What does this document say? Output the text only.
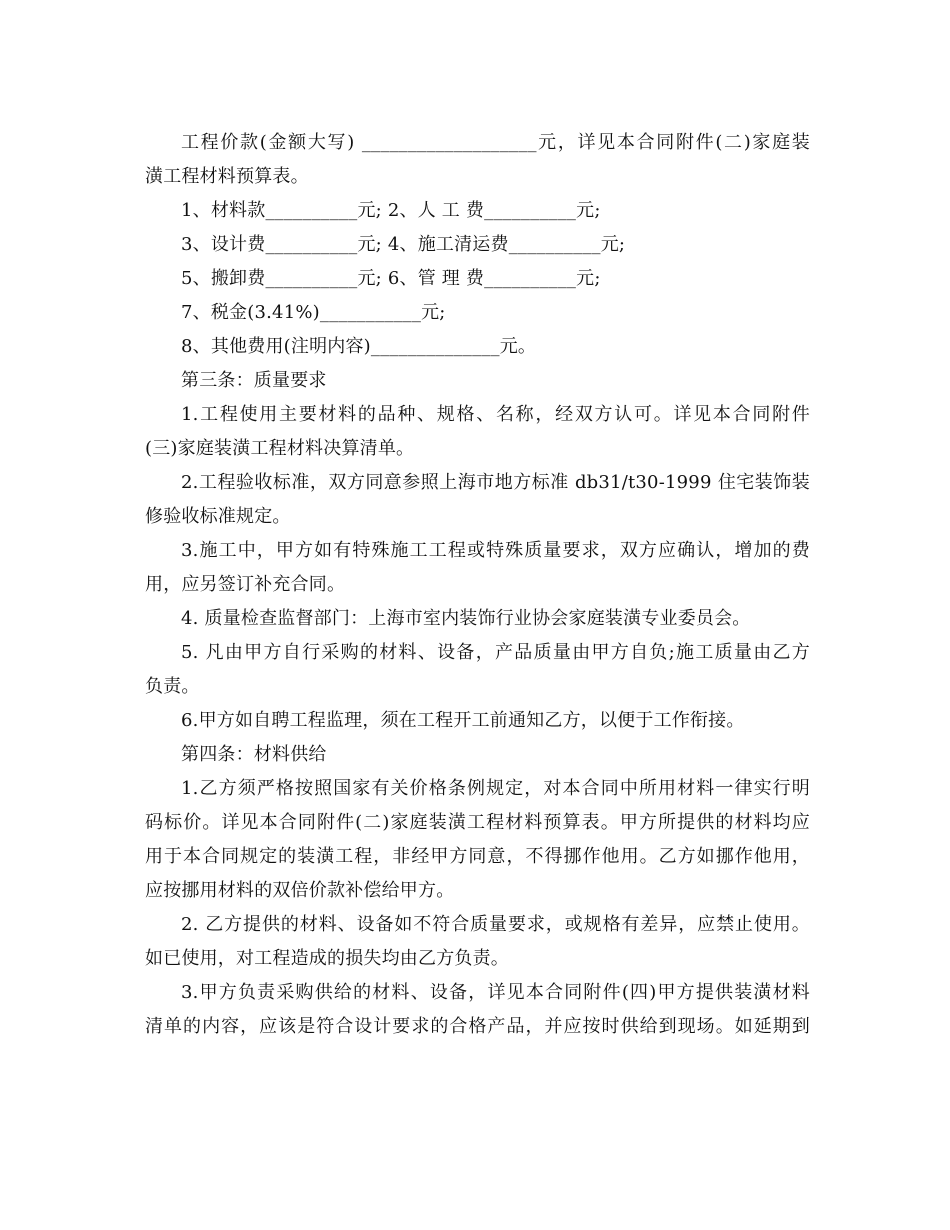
工程价款(金额大写) ___________________元，详见本合同附件(二)家庭装
潢工程材料预算表。
1、材料款__________元; 2、人 工 费__________元;
3、设计费__________元; 4、施工清运费__________元;
5、搬卸费__________元; 6、管 理 费__________元;
7、税金(3.41%)___________元;
8、其他费用(注明内容)______________元。
第三条：质量要求
1.工程使用主要材料的品种、规格、名称，经双方认可。详见本合同附件
(三)家庭装潢工程材料决算清单。
2.工程验收标准，双方同意参照上海市地方标准 db31/t30-1999 住宅装饰装
修验收标准规定。
3.施工中，甲方如有特殊施工工程或特殊质量要求，双方应确认，增加的费
用，应另签订补充合同。
4. 质量检查监督部门：上海市室内装饰行业协会家庭装潢专业委员会。
5. 凡由甲方自行采购的材料、设备，产品质量由甲方自负;施工质量由乙方
负责。
6.甲方如自聘工程监理，须在工程开工前通知乙方，以便于工作衔接。
第四条：材料供给
1.乙方须严格按照国家有关价格条例规定，对本合同中所用材料一律实行明
码标价。详见本合同附件(二)家庭装潢工程材料预算表。甲方所提供的材料均应
用于本合同规定的装潢工程，非经甲方同意，不得挪作他用。乙方如挪作他用，
应按挪用材料的双倍价款补偿给甲方。
2. 乙方提供的材料、设备如不符合质量要求，或规格有差异，应禁止使用。
如已使用，对工程造成的损失均由乙方负责。
3.甲方负责采购供给的材料、设备，详见本合同附件(四)甲方提供装潢材料
清单的内容，应该是符合设计要求的合格产品，并应按时供给到现场。如延期到
